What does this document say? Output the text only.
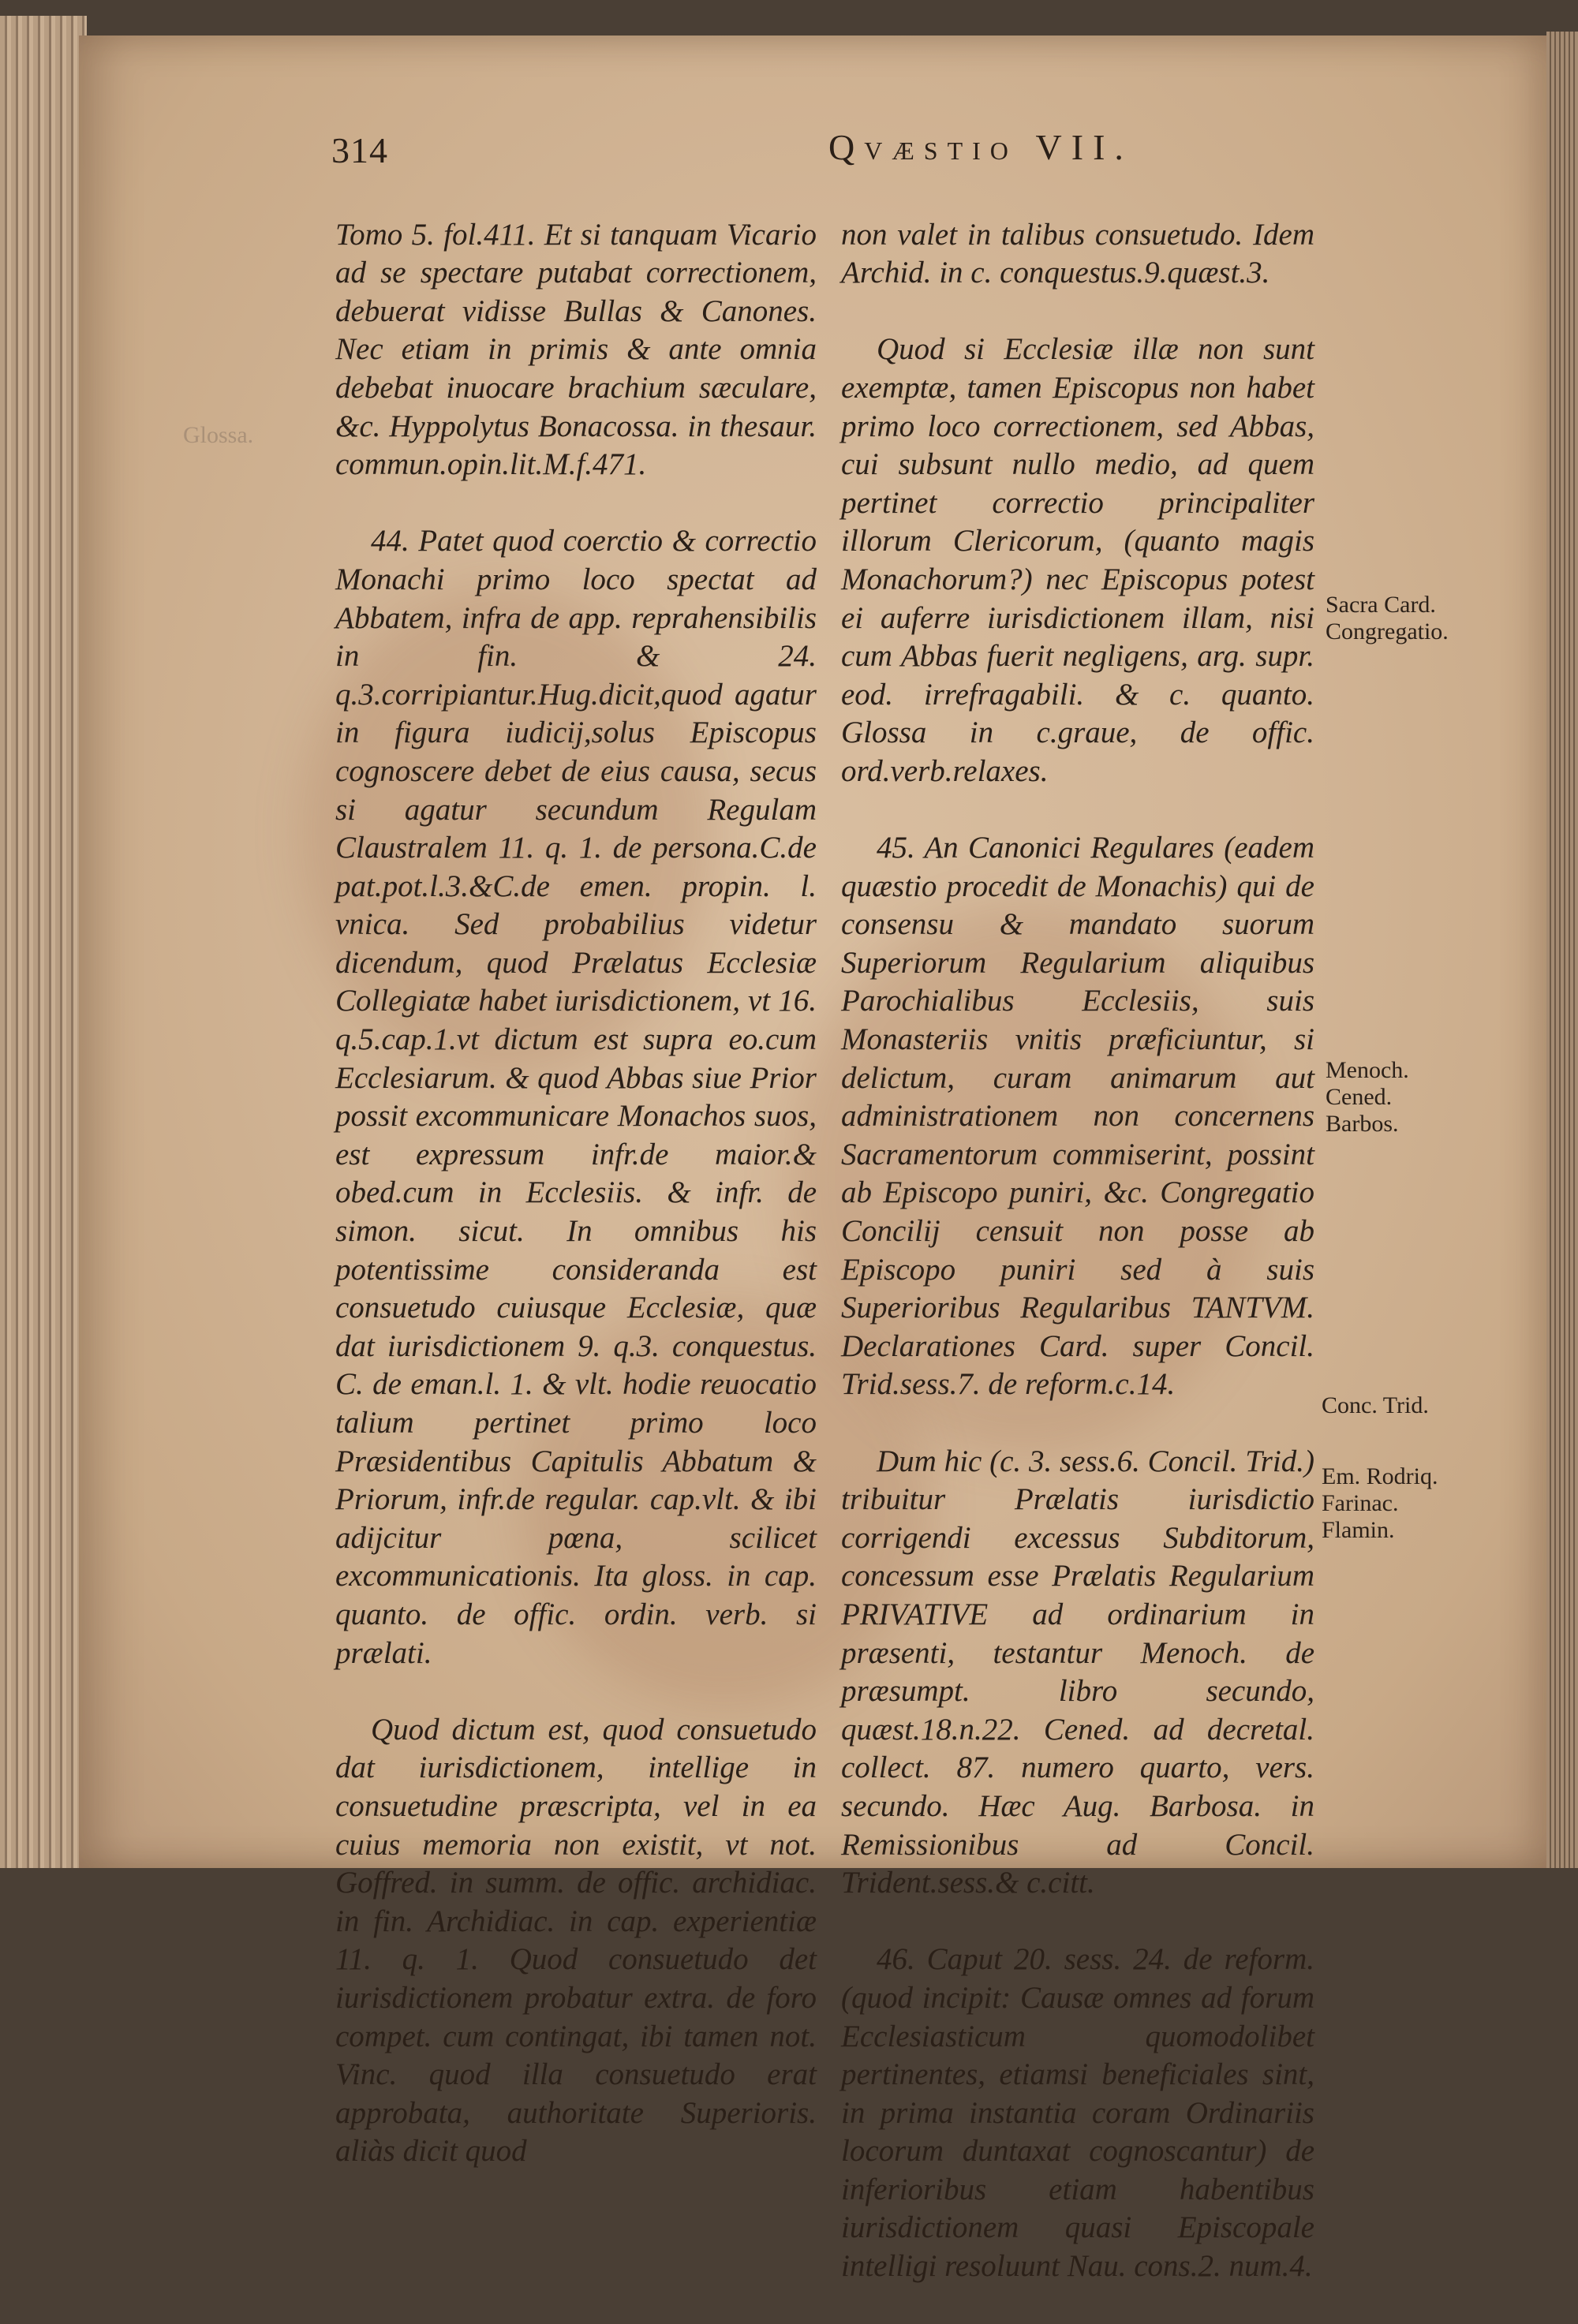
314	Qvæstio VII.

Tomo 5. fol.411. Et si tanquam Vicario ad se spectare putabat correctionem, debuerat vidisse Bullas & Canones. Nec etiam in primis & ante omnia debebat inuocare brachium sæculare, &c. Hyppolytus Bonacossa. in thesaur. commun.opin.lit.M.f.471.

44. Patet quod coerctio & correctio Monachi primo loco spectat ad Abbatem, infra de app. reprahensibilis in fin. & 24. q.3.corripiantur.Hug.dicit,quod agatur in figura iudicij,solus Episcopus cognoscere debet de eius causa, secus si agatur secundum Regulam Claustralem 11. q. 1. de persona.C.de pat.pot.l.3.&C.de emen. propin. l. vnica. Sed probabilius videtur dicendum, quod Prælatus Ecclesiæ Collegiatæ habet iurisdictionem, vt 16. q.5.cap.1.vt dictum est supra eo.cum Ecclesiarum. & quod Abbas siue Prior possit excommunicare Monachos suos, est expressum infr.de maior.& obed.cum in Ecclesiis. & infr. de simon. sicut. In omnibus his potentissime consideranda est consuetudo cuiusque Ecclesiæ, quæ dat iurisdictionem 9. q.3. conquestus. C. de eman.l. 1. & vlt. hodie reuocatio talium pertinet primo loco Præsidentibus Capitulis Abbatum & Priorum, infr.de regular. cap.vlt. & ibi adijcitur pœna, scilicet excommunicationis. Ita gloss. in cap. quanto. de offic. ordin. verb. si prælati.

Quod dictum est, quod consuetudo dat iurisdictionem, intellige in consuetudine præscripta, vel in ea cuius memoria non existit, vt not. Goffred. in summ. de offic. archidiac. in fin. Archidiac. in cap. experientiæ 11. q. 1. Quod consuetudo det iurisdictionem probatur extra. de foro compet. cum contingat, ibi tamen not. Vinc. quod illa consuetudo erat approbata, authoritate Superioris. aliàs dicit quod

non valet in talibus consuetudo. Idem Archid. in c. conquestus.9.quæst.3.

Quod si Ecclesiæ illæ non sunt exemptæ, tamen Episcopus non habet primo loco correctionem, sed Abbas, cui subsunt nullo medio, ad quem pertinet correctio principaliter illorum Clericorum, (quanto magis Monachorum?) nec Episcopus potest ei auferre iurisdictionem illam, nisi cum Abbas fuerit negligens, arg. supr. eod. irrefragabili. & c. quanto. Glossa in c.graue, de offic. ord.verb.relaxes.

45. An Canonici Regulares (eadem quæstio procedit de Monachis) qui de consensu & mandato suorum Superiorum Regularium aliquibus Parochialibus Ecclesiis, suis Monasteriis vnitis præficiuntur, si delictum, curam animarum aut administrationem non concernens Sacramentorum commiserint, possint ab Episcopo puniri, &c. Congregatio Concilij censuit non posse ab Episcopo puniri sed à suis Superioribus Regularibus TANTVM. Declarationes Card. super Concil. Trid.sess.7. de reform.c.14.

Dum hic (c. 3. sess.6. Concil. Trid.) tribuitur Prælatis iurisdictio corrigendi excessus Subditorum, concessum esse Prælatis Regularium PRIVATIVE ad ordinarium in præsenti, testantur Menoch. de præsumpt. libro secundo, quæst.18.n.22. Cened. ad decretal. collect. 87. numero quarto, vers. secundo. Hæc Aug. Barbosa. in Remissionibus ad Concil. Trident.sess.& c.citt.

46. Caput 20. sess. 24. de reform. (quod incipit: Causæ omnes ad forum Ecclesiasticum quomodolibet pertinentes, etiamsi beneficiales sint, in prima instantia coram Ordinariis locorum duntaxat cognoscantur) de inferioribus etiam habentibus iurisdictionem quasi Episcopale intelligi resoluunt Nau. cons.2. num.4.

Glossa.
Sacra Card.
Congregatio.
Menoch.
Cened.
Barbos.
Conc. Trid.
Em. Rodriq.
Farinac.
Flamin.
